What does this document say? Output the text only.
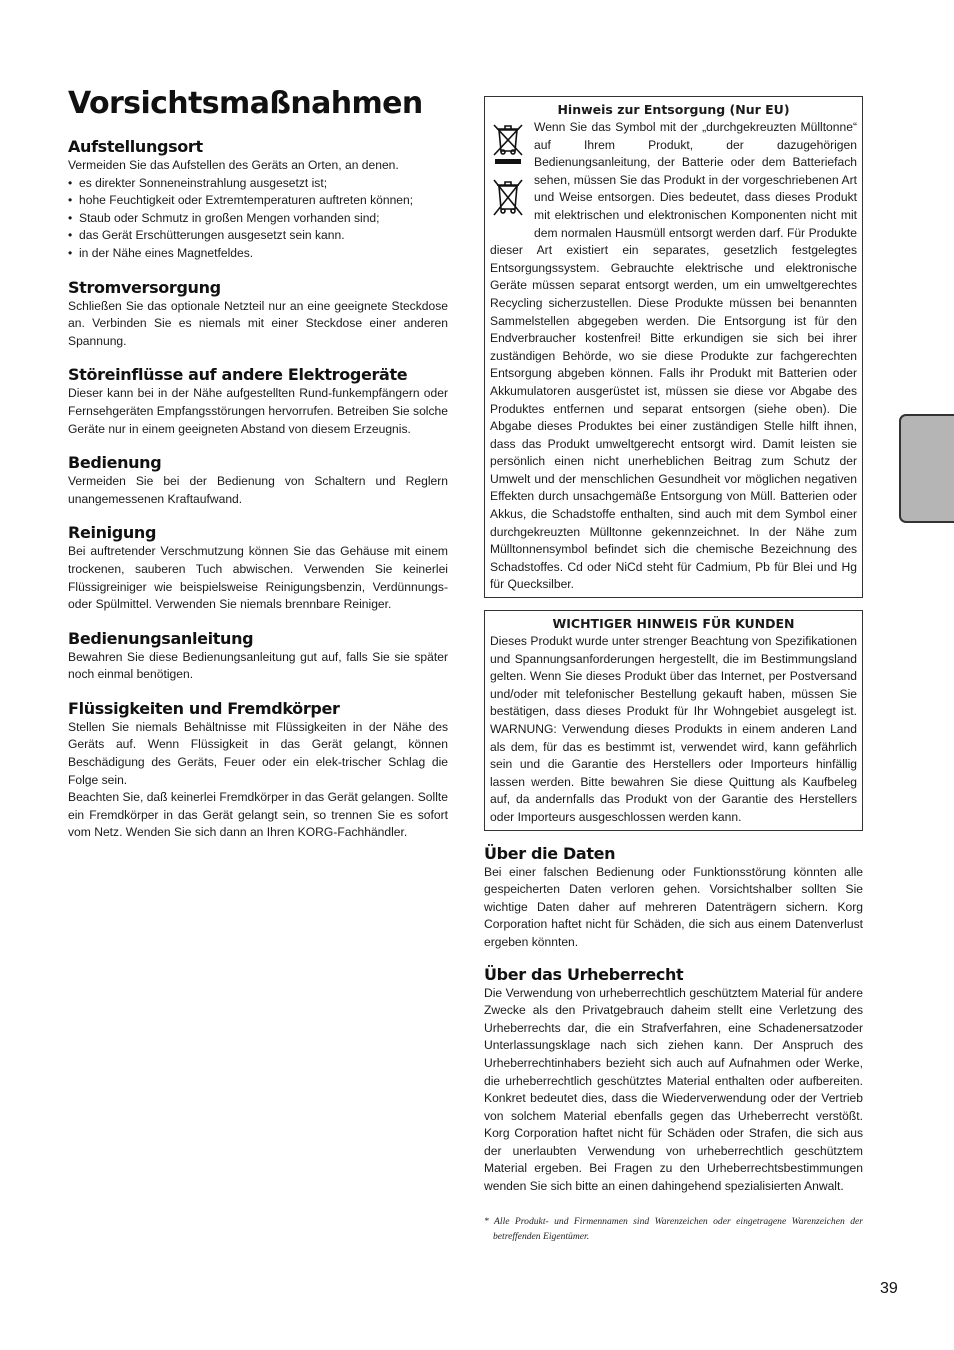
Vorsichtsmaßnahmen
Aufstellungsort

Vermeiden Sie das Aufstellen des Geräts an Orten, an denen.

• es direkter Sonneneinstrahlung ausgesetzt ist;
• hohe Feuchtigkeit oder Extremtemperaturen auftreten können;
• Staub oder Schmutz in großen Mengen vorhanden sind;
• das Gerät Erschütterungen ausgesetzt sein kann.
• in der Nähe eines Magnetfeldes.
Stromversorgung

Schließen Sie das optionale Netzteil nur an eine geeignete Steckdose an. Verbinden Sie es niemals mit einer Steckdose einer anderen Spannung.

Störeinflüsse auf andere Elektrogeräte

Dieser kann bei in der Nähe aufgestellten Rund-funkempfängern oder Fernsehgeräten Empfangsstörungen hervorrufen. Betreiben Sie solche Geräte nur in einem geeigneten Abstand von diesem Erzeugnis.

Bedienung

Vermeiden Sie bei der Bedienung von Schaltern und Reglern unangemessenen Kraftaufwand.

Reinigung

Bei auftretender Verschmutzung können Sie das Gehäuse mit einem trockenen, sauberen Tuch abwischen. Verwenden Sie keinerlei Flüssigreiniger wie beispielsweise Reinigungsbenzin, Verdünnungs- oder Spülmittel. Verwenden Sie niemals brennbare Reiniger.

Bedienungsanleitung

Bewahren Sie diese Bedienungsanleitung gut auf, falls Sie sie später noch einmal benötigen.

Flüssigkeiten und Fremdkörper

Stellen Sie niemals Behältnisse mit Flüssigkeiten in der Nähe des Geräts auf. Wenn Flüssigkeit in das Gerät gelangt, können Beschädigung des Geräts, Feuer oder ein elek-trischer Schlag die Folge sein.

Beachten Sie, daß keinerlei Fremdkörper in das Gerät gelangen. Sollte ein Fremdkörper in das Gerät gelangt sein, so trennen Sie es sofort vom Netz. Wenden Sie sich dann an Ihren KORG-Fachhändler.

Hinweis zur Entsorgung (Nur EU)

Wenn Sie das Symbol mit der „durchgekreuzten Mülltonne“ auf Ihrem Produkt, der dazugehörigen Bedienungsanleitung, der Batterie oder dem Batteriefach sehen, müssen Sie das Produkt in der vorgeschriebenen Art und Weise entsorgen. Dies bedeutet, dass dieses Produkt mit elektrischen und elektronischen Komponenten nicht mit dem normalen Hausmüll entsorgt werden darf. Für Produkte dieser Art existiert ein separates, gesetzlich festgelegtes Entsorgungssystem. Gebrauchte elektrische und elektronische Geräte müssen separat entsorgt werden, um ein umweltgerechtes Recycling sicherzustellen. Diese Produkte müssen bei benannten Sammelstellen abgegeben werden. Die Entsorgung ist für den Endverbraucher kostenfrei! Bitte erkundigen sie sich bei ihrer zuständigen Behörde, wo sie diese Produkte zur fachgerechten Entsorgung abgeben können. Falls ihr Produkt mit Batterien oder Akkumulatoren ausgerüstet ist, müssen sie diese vor Abgabe des Produktes entfernen und separat entsorgen (siehe oben). Die Abgabe dieses Produktes bei einer zuständigen Stelle hilft ihnen, dass das Produkt umweltgerecht entsorgt wird. Damit leisten sie persönlich einen nicht unerheblichen Beitrag zum Schutz der Umwelt und der menschlichen Gesundheit vor möglichen negativen Effekten durch unsachgemäße Entsorgung von Müll. Batterien oder Akkus, die Schadstoffe enthalten, sind auch mit dem Symbol einer durchgekreuzten Mülltonne gekennzeichnet. In der Nähe zum Mülltonnensymbol befindet sich die chemische Bezeichnung des Schadstoffes. Cd oder NiCd steht für Cadmium, Pb für Blei und Hg für Quecksilber.

WICHTIGER HINWEIS FÜR KUNDEN

Dieses Produkt wurde unter strenger Beachtung von Spezifikationen und Spannungsanforderungen hergestellt, die im Bestimmungsland gelten. Wenn Sie dieses Produkt über das Internet, per Postversand und/oder mit telefonischer Bestellung gekauft haben, müssen Sie bestätigen, dass dieses Produkt für Ihr Wohngebiet ausgelegt ist. WARNUNG: Verwendung dieses Produkts in einem anderen Land als dem, für das es bestimmt ist, verwendet wird, kann gefährlich sein und die Garantie des Herstellers oder Importeurs hinfällig lassen werden. Bitte bewahren Sie diese Quittung als Kaufbeleg auf, da andernfalls das Produkt von der Garantie des Herstellers oder Importeurs ausgeschlossen werden kann.

Über die Daten

Bei einer falschen Bedienung oder Funktionsstörung könnten alle gespeicherten Daten verloren gehen. Vorsichtshalber sollten Sie wichtige Daten daher auf mehreren Datenträgern sichern. Korg Corporation haftet nicht für Schäden, die sich aus einem Datenverlust ergeben könnten.

Über das Urheberrecht

Die Verwendung von urheberrechtlich geschütztem Material für andere Zwecke als den Privatgebrauch daheim stellt eine Verletzung des Urheberrechts dar, die ein Strafverfahren, eine Schadenersatzoder Unterlassungsklage nach sich ziehen kann. Der Anspruch des Urheberrechtinhabers bezieht sich auch auf Aufnahmen oder Werke, die urheberrechtlich geschütztes Material enthalten oder aufbereiten. Konkret bedeutet dies, dass die Wiederverwendung oder der Vertrieb von solchem Material ebenfalls gegen das Urheberrecht verstößt. Korg Corporation haftet nicht für Schäden oder Strafen, die sich aus der unerlaubten Verwendung von urheberrechtlich geschütztem Material ergeben. Bei Fragen zu den Urheberrechtsbestimmungen wenden Sie sich bitte an einen dahingehend spezialisierten Anwalt.

* Alle Produkt- und Firmennamen sind Warenzeichen oder eingetragene Warenzeichen der betreffenden Eigentümer.
39
